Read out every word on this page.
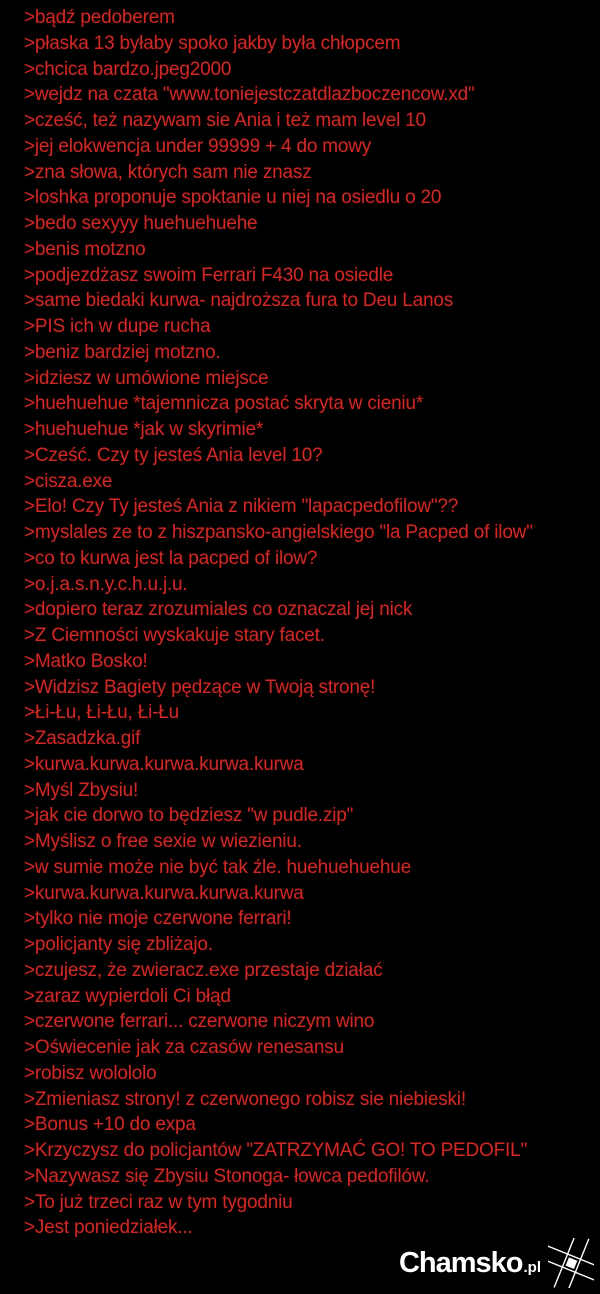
>bądź pedoberem
>płaska 13 byłaby spoko jakby była chłopcem
>chcica bardzo.jpeg2000
>wejdz na czata "www.toniejestczatdlazboczencow.xd"
>cześć, też nazywam sie Ania i też mam level 10
>jej elokwencja under 99999 + 4 do mowy
>zna słowa, których sam nie znasz
>loshka proponuje spoktanie u niej na osiedlu o 20
>bedo sexyyy huehuehuehe
>benis motzno
>podjezdżasz swoim Ferrari F430 na osiedle
>same biedaki kurwa- najdroższa fura to Deu Lanos
>PIS ich w dupe rucha
>beniz bardziej motzno.
>idziesz w umówione miejsce
>huehuehue *tajemnicza postać skryta w cieniu*
>huehuehue *jak w skyrimie*
>Cześć. Czy ty jesteś Ania level 10?
>cisza.exe
>Elo! Czy Ty jesteś Ania z nikiem "lapacpedofilow"??
>myslales ze to z hiszpansko-angielskiego "la Pacped of ilow"
>co to kurwa jest la pacped of ilow?
>o.j.a.s.n.y.c.h.u.j.u.
>dopiero teraz zrozumiales co oznaczal jej nick
>Z Ciemności wyskakuje stary facet.
>Matko Bosko!
>Widzisz Bagiety pędzące w Twoją stronę!
>Łi-Łu, Łi-Łu, Łi-Łu
>Zasadzka.gif
>kurwa.kurwa.kurwa.kurwa.kurwa
>Myśl Zbysiu!
>jak cie dorwo to będziesz "w pudle.zip"
>Myślisz o free sexie w wiezieniu.
>w sumie może nie być tak źle. huehuehuehue
>kurwa.kurwa.kurwa.kurwa.kurwa
>tylko nie moje czerwone ferrari!
>policjanty się zbliżajo.
>czujesz, że zwieracz.exe przestaje działać
>zaraz wypierdoli Ci błąd
>czerwone ferrari... czerwone niczym wino
>Oświecenie jak za czasów renesansu
>robisz wolololo
>Zmieniasz strony! z czerwonego robisz sie niebieski!
>Bonus +10 do expa
>Krzyczysz do policjantów "ZATRZYMAĆ GO! TO PEDOFIL"
>Nazywasz się Zbysiu Stonoga- łowca pedofilów.
>To już trzeci raz w tym tygodniu
>Jest poniedziałek...
Chamsko .pl
